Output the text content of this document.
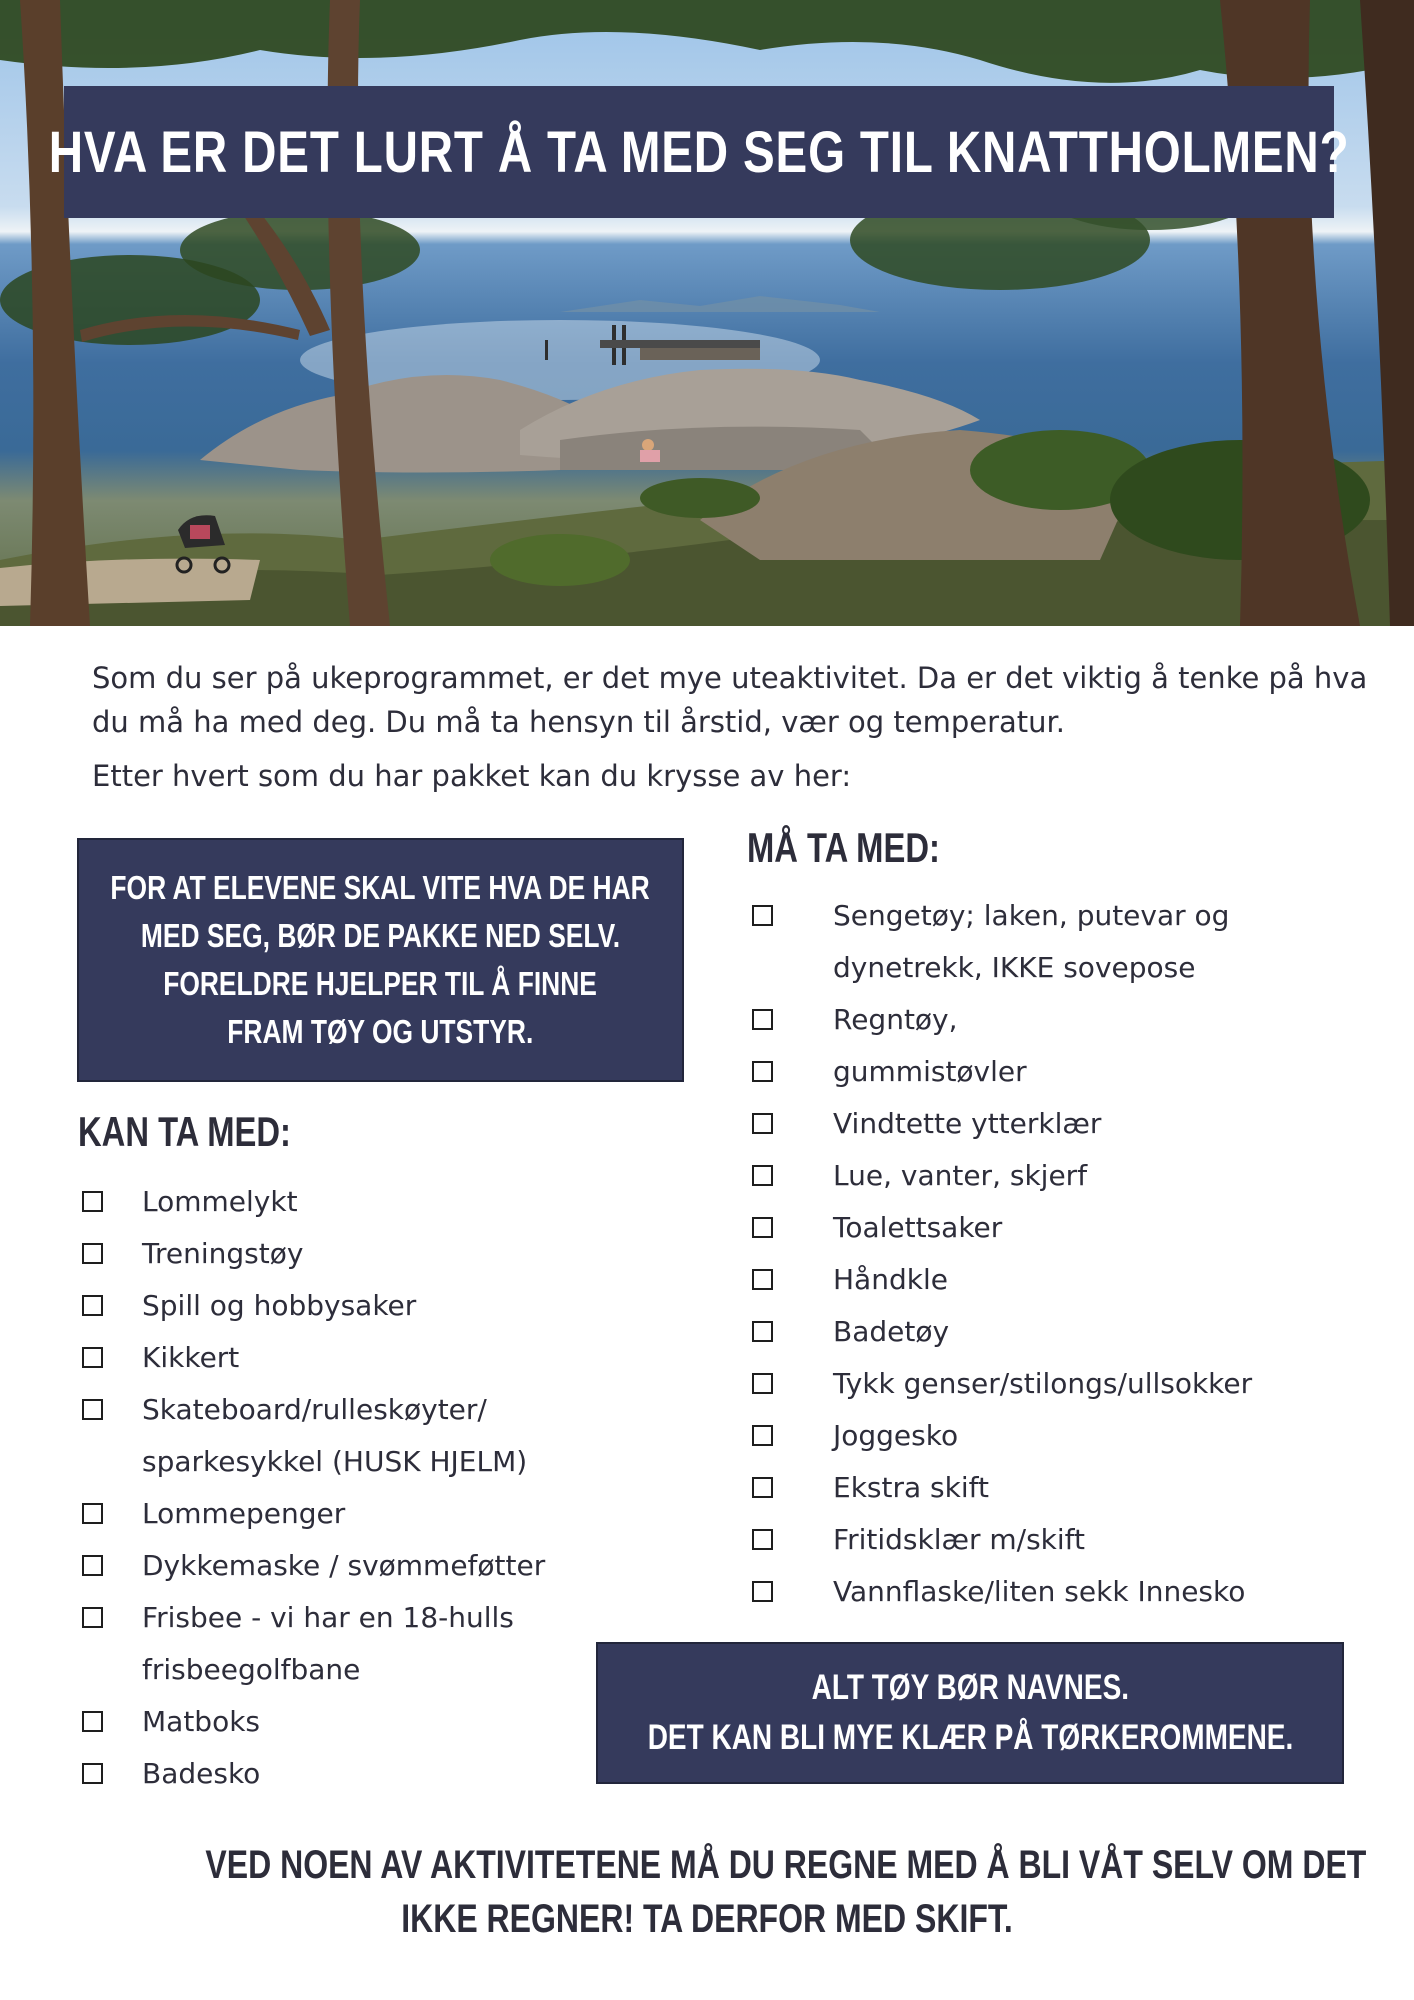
HVA ER DET LURT Å TA MED SEG TIL KNATTHOLMEN?

Som du ser på ukeprogrammet, er det mye uteaktivitet. Da er det viktig å tenke på hva du må ha med deg. Du må ta hensyn til årstid, vær og temperatur.

Etter hvert som du har pakket kan du krysse av her:

FOR AT ELEVENE SKAL VITE HVA DE HAR
MED SEG, BØR DE PAKKE NED SELV.
FORELDRE HJELPER TIL Å FINNE
FRAM TØY OG UTSTYR.
KAN TA MED:
Lommelykt
Treningstøy
Spill og hobbysaker
Kikkert
Skateboard/rulleskøyter/ sparkesykkel (HUSK HJELM)
Lommepenger
Dykkemaske / svømmeføtter
Frisbee - vi har en 18-hulls frisbeegolfbane
Matboks
Badesko
MÅ TA MED:
Sengetøy; laken, putevar og dynetrekk, IKKE sovepose
Regntøy,
gummistøvler
Vindtette ytterklær
Lue, vanter, skjerf
Toalettsaker
Håndkle
Badetøy
Tykk genser/stilongs/ullsokker
Joggesko
Ekstra skift
Fritidsklær m/skift
Vannflaske/liten sekk Innesko
ALT TØY BØR NAVNES.
DET KAN BLI MYE KLÆR PÅ TØRKEROMMENE.
VED NOEN AV AKTIVITETENE MÅ DU REGNE MED Å BLI VÅT SELV OM DET
IKKE REGNER! TA DERFOR MED SKIFT.
